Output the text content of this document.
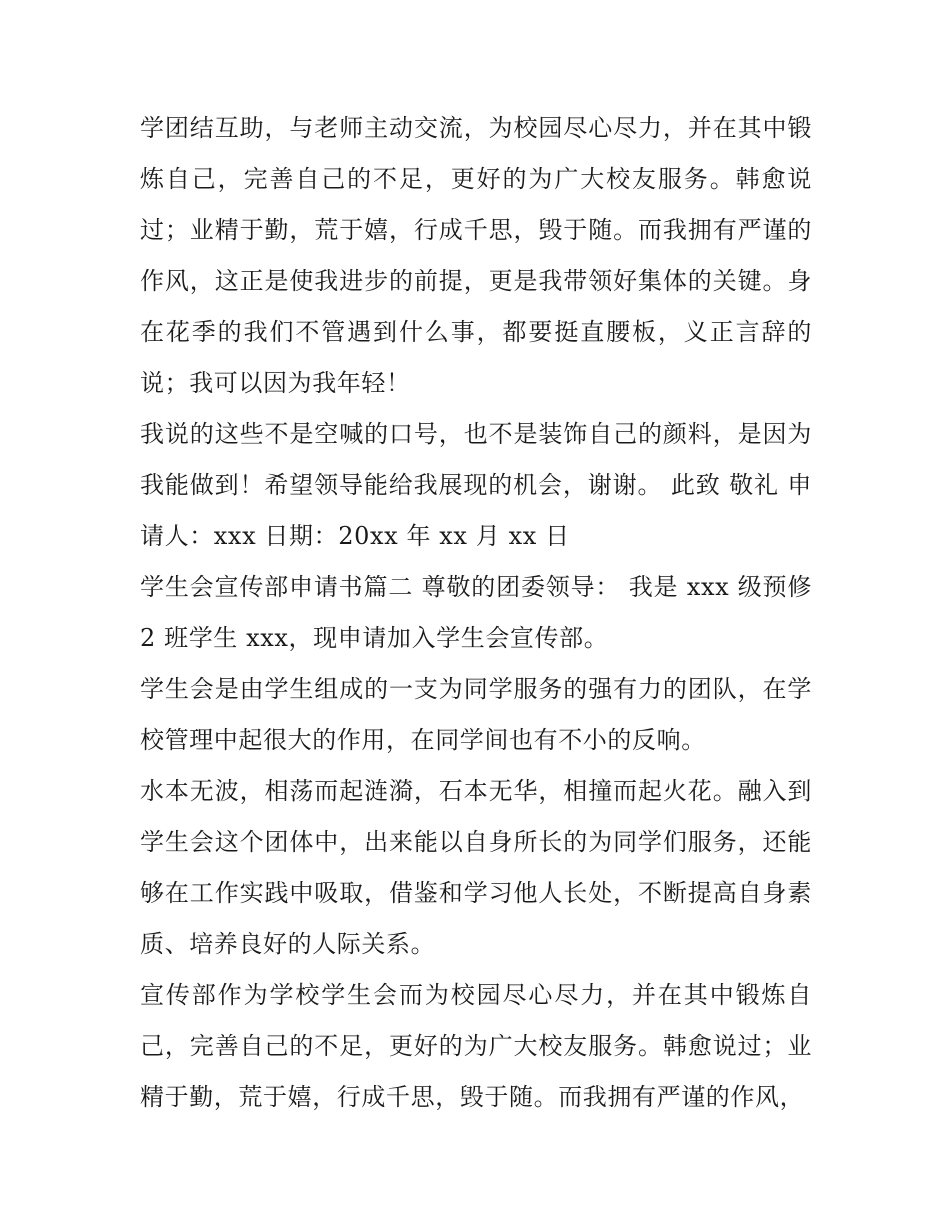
学团结互助，与老师主动交流，为校园尽心尽力，并在其中锻炼自己，完善自己的不足，更好的为广大校友服务。韩愈说过；业精于勤，荒于嬉，行成千思，毁于随。而我拥有严谨的作风，这正是使我进步的前提，更是我带领好集体的关键。身在花季的我们不管遇到什么事，都要挺直腰板，义正言辞的说；我可以因为我年轻！

我说的这些不是空喊的口号，也不是装饰自己的颜料，是因为我能做到！希望领导能给我展现的机会，谢谢。 此致 敬礼 申请人：xxx 日期：20xx 年 xx 月 xx 日

学生会宣传部申请书篇二 尊敬的团委领导： 我是 xxx 级预修 2 班学生 xxx，现申请加入学生会宣传部。

学生会是由学生组成的一支为同学服务的强有力的团队，在学校管理中起很大的作用，在同学间也有不小的反响。

水本无波，相荡而起涟漪，石本无华，相撞而起火花。融入到学生会这个团体中，出来能以自身所长的为同学们服务，还能够在工作实践中吸取，借鉴和学习他人长处，不断提高自身素质、培养良好的人际关系。

宣传部作为学校学生会而为校园尽心尽力，并在其中锻炼自己，完善自己的不足，更好的为广大校友服务。韩愈说过；业精于勤，荒于嬉，行成千思，毁于随。而我拥有严谨的作风，
